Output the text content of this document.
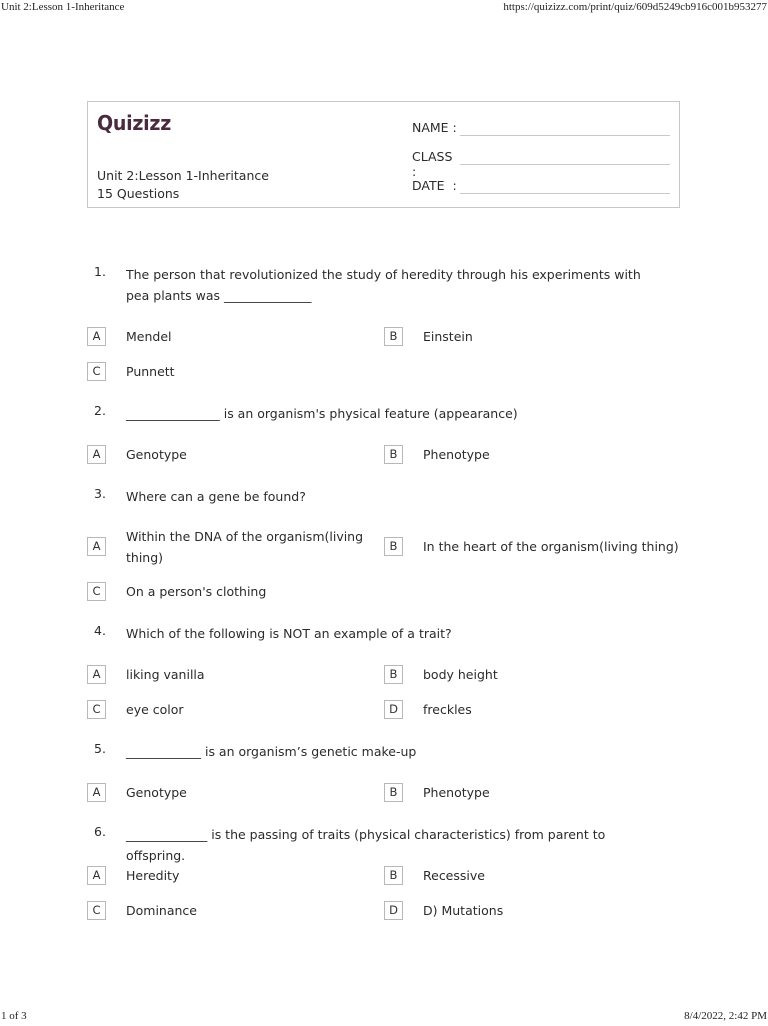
Unit 2:Lesson 1-Inheritance	https://quizizz.com/print/quiz/609d5249cb916c001b953277
1 of 3	8/4/2022, 2:42 PM
Quizizz
Unit 2:Lesson 1-Inheritance
15 Questions
NAME :
CLASS :
DATE  :
1. The person that revolutionized the study of heredity through his experiments with pea plants was ______________
A	Mendel	B	Einstein
C	Punnett
2. _______________ is an organism's physical feature (appearance)
A	Genotype	B	Phenotype
3. Where can a gene be found?
A
Within the DNA of the organism(living thing)
B	In the heart of the organism(living thing)
C	On a person's clothing
4. Which of the following is NOT an example of a trait?
A	liking vanilla	B	body height
C	eye color	D	freckles
5. ____________ is an organism’s genetic make-up
A	Genotype	B	Phenotype
6. _____________ is the passing of traits (physical characteristics) from parent to offspring.
A	Heredity	B	Recessive
C	Dominance	D	D) Mutations
